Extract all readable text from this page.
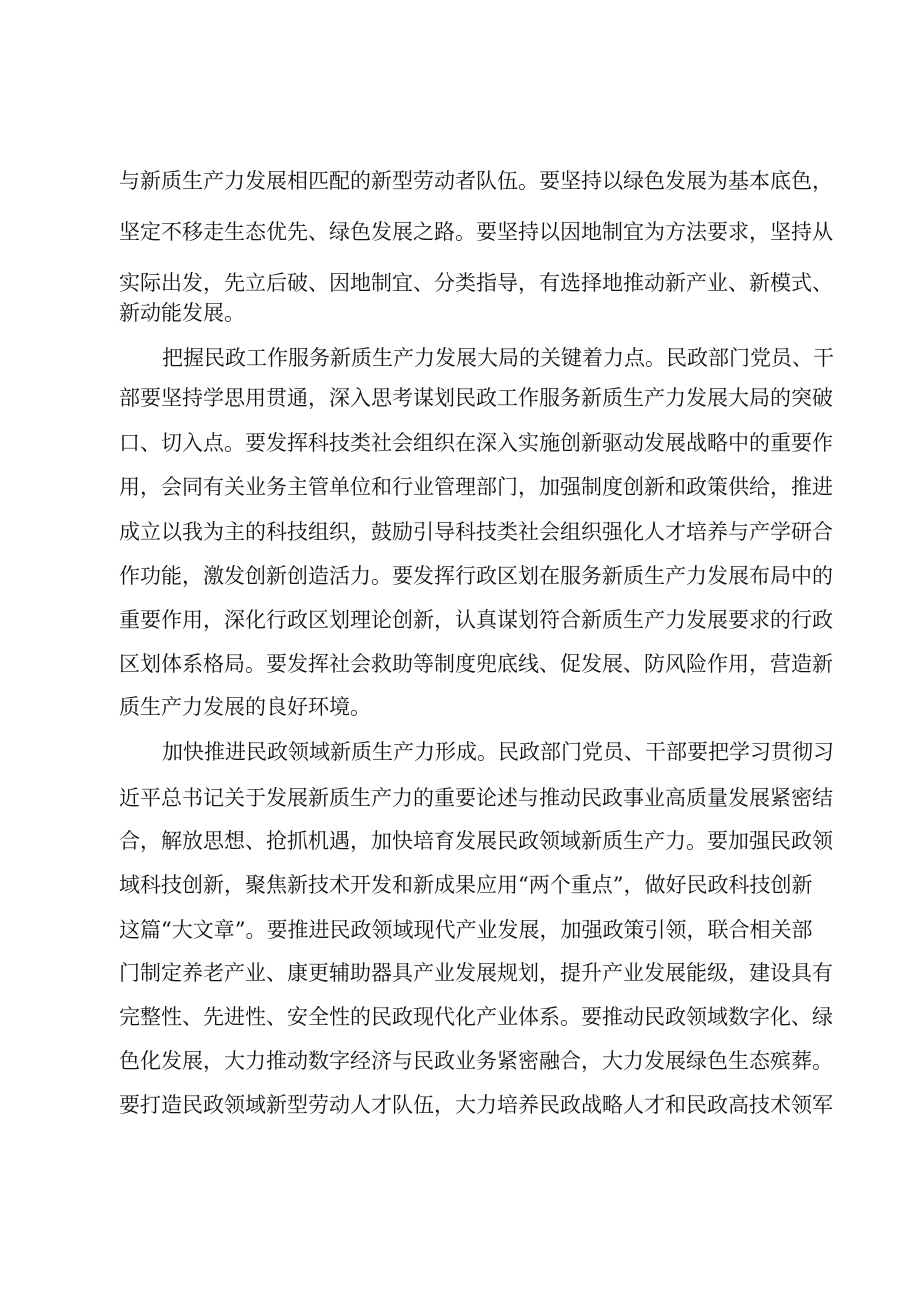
与新质生产力发展相匹配的新型劳动者队伍。要坚持以绿色发展为基本底色，
坚定不移走生态优先、绿色发展之路。要坚持以因地制宜为方法要求，坚持从
实际出发，先立后破、因地制宜、分类指导，有选择地推动新产业、新模式、
新动能发展。
把握民政工作服务新质生产力发展大局的关键着力点。民政部门党员、干
部要坚持学思用贯通，深入思考谋划民政工作服务新质生产力发展大局的突破
口、切入点。要发挥科技类社会组织在深入实施创新驱动发展战略中的重要作
用，会同有关业务主管单位和行业管理部门，加强制度创新和政策供给，推进
成立以我为主的科技组织，鼓励引导科技类社会组织强化人才培养与产学研合
作功能，激发创新创造活力。要发挥行政区划在服务新质生产力发展布局中的
重要作用，深化行政区划理论创新，认真谋划符合新质生产力发展要求的行政
区划体系格局。要发挥社会救助等制度兜底线、促发展、防风险作用，营造新
质生产力发展的良好环境。
加快推进民政领域新质生产力形成。民政部门党员、干部要把学习贯彻习
近平总书记关于发展新质生产力的重要论述与推动民政事业高质量发展紧密结
合，解放思想、抢抓机遇，加快培育发展民政领域新质生产力。要加强民政领
域科技创新，聚焦新技术开发和新成果应用“两个重点”，做好民政科技创新
这篇“大文章”。要推进民政领域现代产业发展，加强政策引领，联合相关部
门制定养老产业、康更辅助器具产业发展规划，提升产业发展能级，建设具有
完整性、先进性、安全性的民政现代化产业体系。要推动民政领域数字化、绿
色化发展，大力推动数字经济与民政业务紧密融合，大力发展绿色生态殡葬。
要打造民政领域新型劳动人才队伍，大力培养民政战略人才和民政高技术领军
